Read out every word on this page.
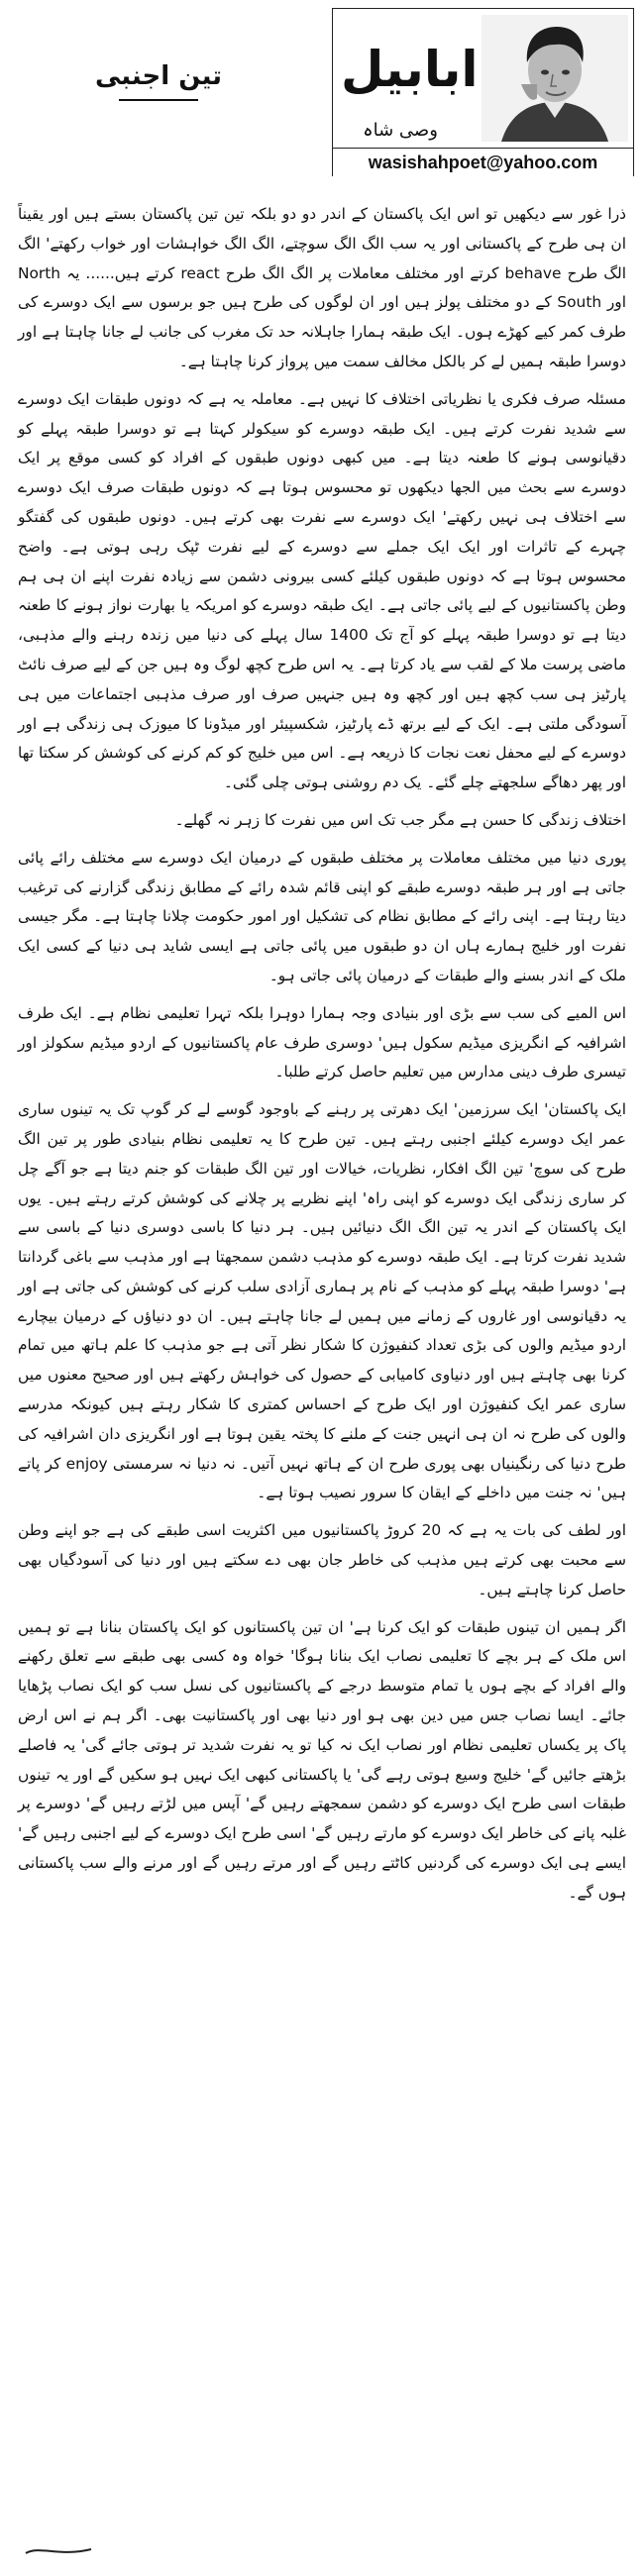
تین اجنبی ابابیل
وصی شاہ
wasishahpoet@yahoo.com

ذرا غور سے دیکھیں تو اس ایک پاکستان کے اندر دو دو بلکہ تین تین پاکستان بستے ہیں اور یقیناً ان ہی طرح کے پاکستانی اور یہ سب الگ الگ سوچتے، الگ الگ خواہشات اور خواب رکھتے' الگ الگ طرح behave کرتے اور مختلف معاملات پر الگ الگ طرح react کرتے ہیں...... یہ North اور South کے دو مختلف پولز ہیں اور ان لوگوں کی طرح ہیں جو برسوں سے ایک دوسرے کی طرف کمر کیے کھڑے ہوں۔ ایک طبقہ ہمارا جاہلانہ حد تک مغرب کی جانب لے جانا چاہتا ہے اور دوسرا طبقہ ہمیں لے کر بالکل مخالف سمت میں پرواز کرنا چاہتا ہے۔

مسئلہ صرف فکری یا نظریاتی اختلاف کا نہیں ہے۔ معاملہ یہ ہے کہ دونوں طبقات ایک دوسرے سے شدید نفرت کرتے ہیں۔ ایک طبقہ دوسرے کو سیکولر کہتا ہے تو دوسرا طبقہ پہلے کو دقیانوسی ہونے کا طعنہ دیتا ہے۔ میں کبھی دونوں طبقوں کے افراد کو کسی موقع پر ایک دوسرے سے بحث میں الجھا دیکھوں تو محسوس ہوتا ہے کہ دونوں طبقات صرف ایک دوسرے سے اختلاف ہی نہیں رکھتے' ایک دوسرے سے نفرت بھی کرتے ہیں۔ دونوں طبقوں کی گفتگو چہرے کے تاثرات اور ایک ایک جملے سے دوسرے کے لیے نفرت ٹپک رہی ہوتی ہے۔ واضح محسوس ہوتا ہے کہ دونوں طبقوں کیلئے کسی بیرونی دشمن سے زیادہ نفرت اپنے ان ہی ہم وطن پاکستانیوں کے لیے پائی جاتی ہے۔ ایک طبقہ دوسرے کو امریکہ یا بھارت نواز ہونے کا طعنہ دیتا ہے تو دوسرا طبقہ پہلے کو آج تک 1400 سال پہلے کی دنیا میں زندہ رہنے والے مذہبی، ماضی پرست ملا کے لقب سے یاد کرتا ہے۔ یہ اس طرح کچھ لوگ وہ ہیں جن کے لیے صرف نائٹ پارٹیز ہی سب کچھ ہیں اور کچھ وہ ہیں جنہیں صرف اور صرف مذہبی اجتماعات میں ہی آسودگی ملتی ہے۔ ایک کے لیے برتھ ڈے پارٹیز، شکسپیئر اور میڈونا کا میوزک ہی زندگی ہے اور دوسرے کے لیے محفل نعت نجات کا ذریعہ ہے۔ اس میں خلیج کو کم کرنے کی کوشش کر سکتا تھا اور پھر دھاگے سلجھتے چلے گئے۔ یک دم روشنی ہوتی چلی گئی۔

اختلاف زندگی کا حسن ہے مگر جب تک اس میں نفرت کا زہر نہ گھلے۔

پوری دنیا میں مختلف معاملات پر مختلف طبقوں کے درمیان ایک دوسرے سے مختلف رائے پائی جاتی ہے اور ہر طبقہ دوسرے طبقے کو اپنی قائم شدہ رائے کے مطابق زندگی گزارنے کی ترغیب دیتا رہتا ہے۔ اپنی رائے کے مطابق نظام کی تشکیل اور امور حکومت چلانا چاہتا ہے۔ مگر جیسی نفرت اور خلیج ہمارے ہاں ان دو طبقوں میں پائی جاتی ہے ایسی شاید ہی دنیا کے کسی ایک ملک کے اندر بسنے والے طبقات کے درمیان پائی جاتی ہو۔

اس المیے کی سب سے بڑی اور بنیادی وجہ ہمارا دوہرا بلکہ تہرا تعلیمی نظام ہے۔ ایک طرف اشرافیہ کے انگریزی میڈیم سکول ہیں' دوسری طرف عام پاکستانیوں کے اردو میڈیم سکولز اور تیسری طرف دینی مدارس میں تعلیم حاصل کرتے طلبا۔

ایک پاکستان' ایک سرزمین' ایک دھرتی پر رہنے کے باوجود گوسے لے کر گوپ تک یہ تینوں ساری عمر ایک دوسرے کیلئے اجنبی رہتے ہیں۔ تین طرح کا یہ تعلیمی نظام بنیادی طور پر تین الگ طرح کی سوچ' تین الگ افکار، نظریات، خیالات اور تین الگ طبقات کو جنم دیتا ہے جو آگے چل کر ساری زندگی ایک دوسرے کو اپنی راہ' اپنے نظریے پر چلانے کی کوشش کرتے رہتے ہیں۔ یوں ایک پاکستان کے اندر یہ تین الگ الگ دنیائیں ہیں۔ ہر دنیا کا باسی دوسری دنیا کے باسی سے شدید نفرت کرتا ہے۔ ایک طبقہ دوسرے کو مذہب دشمن سمجھتا ہے اور مذہب سے باغی گردانتا ہے' دوسرا طبقہ پہلے کو مذہب کے نام پر ہماری آزادی سلب کرنے کی کوشش کی جاتی ہے اور یہ دقیانوسی اور غاروں کے زمانے میں ہمیں لے جانا چاہتے ہیں۔ ان دو دنیاؤں کے درمیان بیچارے اردو میڈیم والوں کی بڑی تعداد کنفیوژن کا شکار نظر آتی ہے جو مذہب کا علم ہاتھ میں تمام کرنا بھی چاہتے ہیں اور دنیاوی کامیابی کے حصول کی خواہش رکھتے ہیں اور صحیح معنوں میں ساری عمر ایک کنفیوژن اور ایک طرح کے احساس کمتری کا شکار رہتے ہیں کیونکہ مدرسے والوں کی طرح نہ ان ہی انہیں جنت کے ملنے کا پختہ یقین ہوتا ہے اور انگریزی دان اشرافیہ کی طرح دنیا کی رنگینیاں بھی پوری طرح ان کے ہاتھ نہیں آتیں۔ نہ دنیا نہ سرمستی enjoy کر پاتے ہیں' نہ جنت میں داخلے کے ایقان کا سرور نصیب ہوتا ہے۔

اور لطف کی بات یہ ہے کہ 20 کروڑ پاکستانیوں میں اکثریت اسی طبقے کی ہے جو اپنے وطن سے محبت بھی کرتے ہیں مذہب کی خاطر جان بھی دے سکتے ہیں اور دنیا کی آسودگیاں بھی حاصل کرنا چاہتے ہیں۔

اگر ہمیں ان تینوں طبقات کو ایک کرنا ہے' ان تین پاکستانوں کو ایک پاکستان بنانا ہے تو ہمیں اس ملک کے ہر بچے کا تعلیمی نصاب ایک بنانا ہوگا' خواہ وہ کسی بھی طبقے سے تعلق رکھنے والے افراد کے بچے ہوں یا تمام متوسط درجے کے پاکستانیوں کی نسل سب کو ایک نصاب پڑھایا جائے۔ ایسا نصاب جس میں دین بھی ہو اور دنیا بھی اور پاکستانیت بھی۔ اگر ہم نے اس ارض پاک پر یکساں تعلیمی نظام اور نصاب ایک نہ کیا تو یہ نفرت شدید تر ہوتی جائے گی' یہ فاصلے بڑھتے جائیں گے' خلیج وسیع ہوتی رہے گی' یا پاکستانی کبھی ایک نہیں ہو سکیں گے اور یہ تینوں طبقات اسی طرح ایک دوسرے کو دشمن سمجھتے رہیں گے' آپس میں لڑتے رہیں گے' دوسرے پر غلبہ پانے کی خاطر ایک دوسرے کو مارتے رہیں گے' اسی طرح ایک دوسرے کے لیے اجنبی رہیں گے' ایسے ہی ایک دوسرے کی گردنیں کاٹتے رہیں گے اور مرتے رہیں گے اور مرنے والے سب پاکستانی ہوں گے۔
